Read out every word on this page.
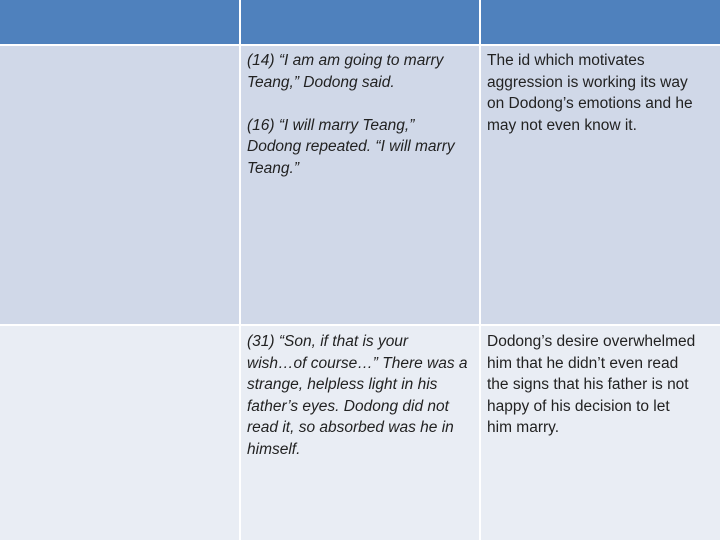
(14) “I am am going to marry
Teang,” Dodong said.

(16) “I will marry Teang,”
Dodong repeated. “I will marry
Teang.”

The id which motivates
aggression is working its way
on Dodong’s emotions and he
may not even know it.

(31) “Son, if that is your
wish…of course…” There was a
strange, helpless light in his
father’s eyes. Dodong did not
read it, so absorbed was he in
himself.

Dodong’s desire overwhelmed
him that he didn’t even read
the signs that his father is not
happy of his decision to let
him marry.
